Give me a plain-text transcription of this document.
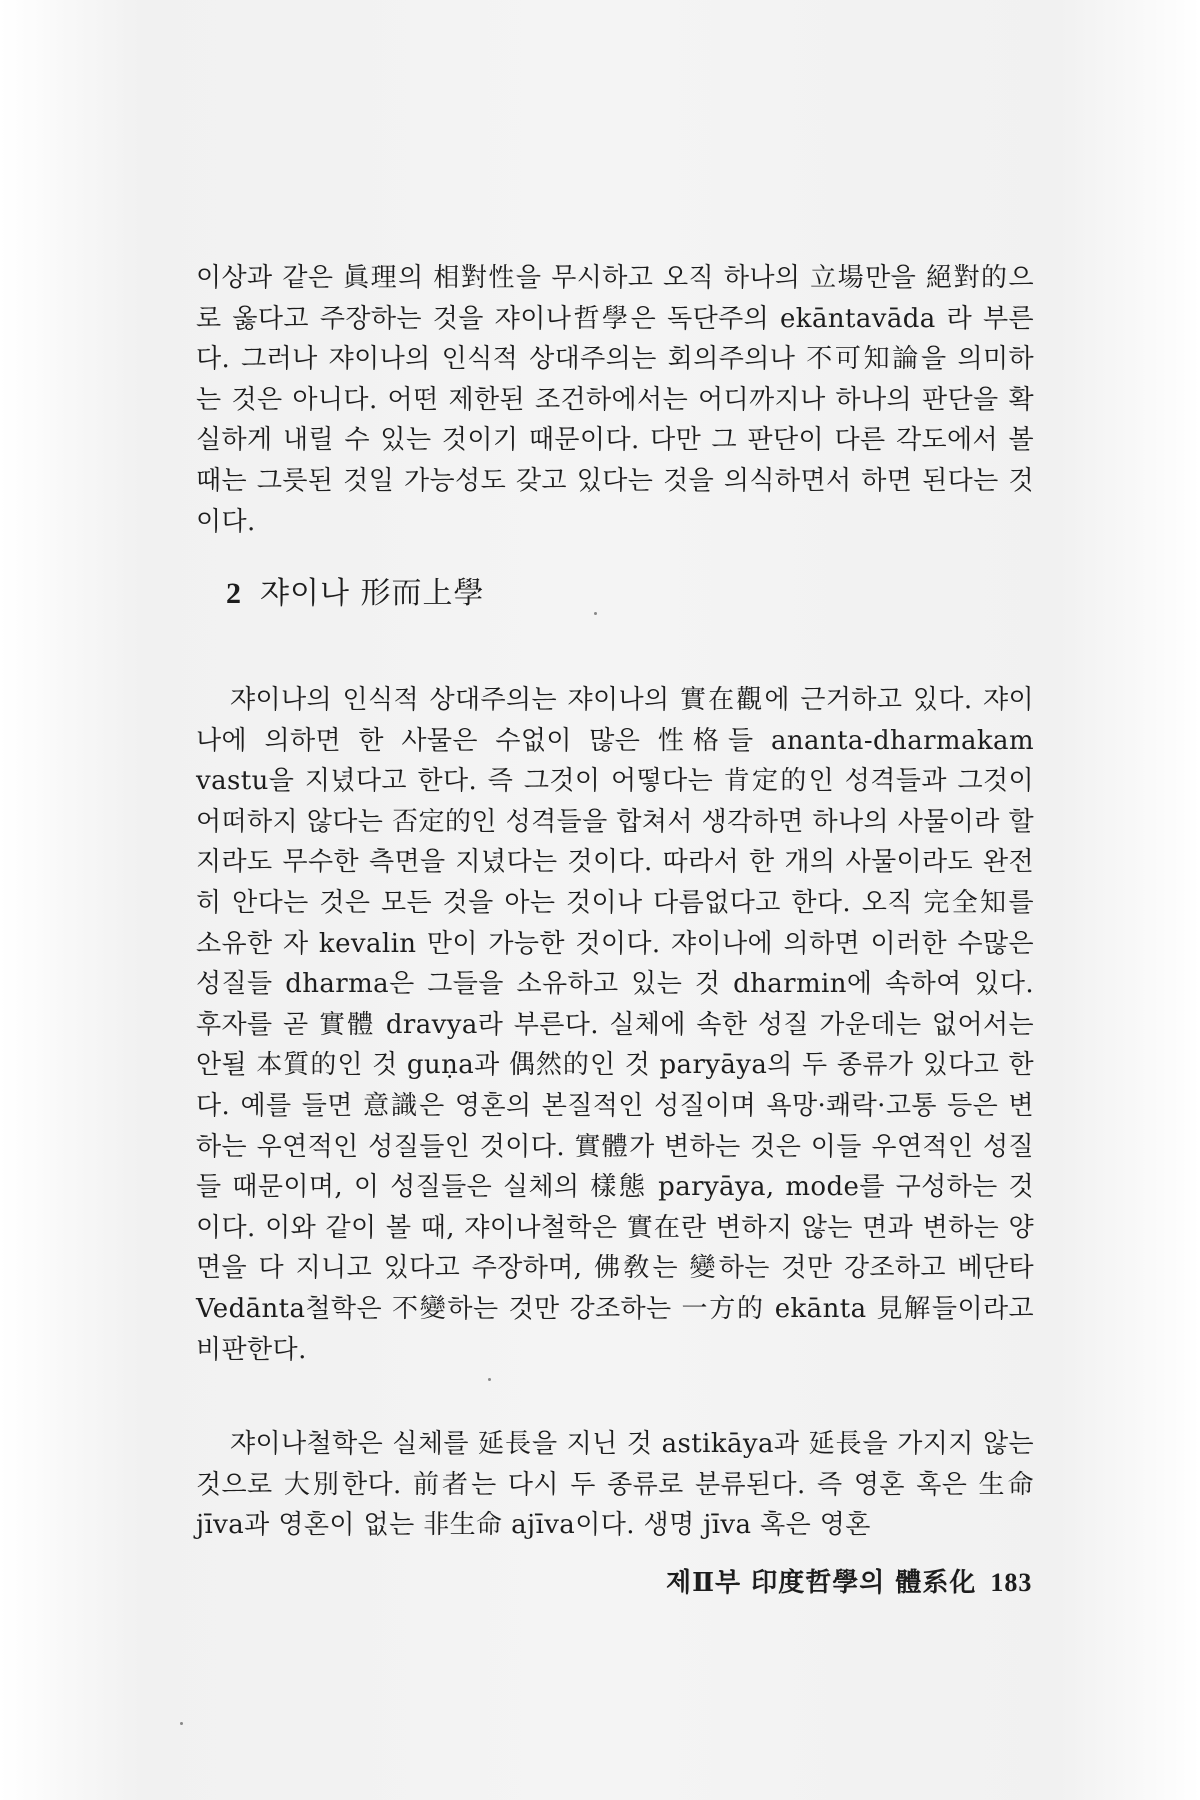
이상과 같은 眞理의 相對性을 무시하고 오직 하나의 立場만을 絕對的으로 옳다고 주장하는 것을 쟈이나哲學은 독단주의 ekāntavāda 라 부른다. 그러나 쟈이나의 인식적 상대주의는 회의주의나 不可知論을 의미하는 것은 아니다. 어떤 제한된 조건하에서는 어디까지나 하나의 판단을 확실하게 내릴 수 있는 것이기 때문이다. 다만 그 판단이 다른 각도에서 볼 때는 그릇된 것일 가능성도 갖고 있다는 것을 의식하면서 하면 된다는 것이다.

2 쟈이나 形而上學

쟈이나의 인식적 상대주의는 쟈이나의 實在觀에 근거하고 있다. 쟈이나에 의하면 한 사물은 수없이 많은 性格들 ananta-dharmakam vastu을 지녔다고 한다. 즉 그것이 어떻다는 肯定的인 성격들과 그것이 어떠하지 않다는 否定的인 성격들을 합쳐서 생각하면 하나의 사물이라 할지라도 무수한 측면을 지녔다는 것이다. 따라서 한 개의 사물이라도 완전히 안다는 것은 모든 것을 아는 것이나 다름없다고 한다. 오직 完全知를 소유한 자 kevalin 만이 가능한 것이다. 쟈이나에 의하면 이러한 수많은 성질들 dharma은 그들을 소유하고 있는 것 dharmin에 속하여 있다. 후자를 곧 實體 dravya라 부른다. 실체에 속한 성질 가운데는 없어서는 안될 本質的인 것 guṇa과 偶然的인 것 paryāya의 두 종류가 있다고 한다. 예를 들면 意識은 영혼의 본질적인 성질이며 욕망·쾌락·고통 등은 변하는 우연적인 성질들인 것이다. 實體가 변하는 것은 이들 우연적인 성질들 때문이며, 이 성질들은 실체의 樣態 paryāya, mode를 구성하는 것이다. 이와 같이 볼 때, 쟈이나철학은 實在란 변하지 않는 면과 변하는 양면을 다 지니고 있다고 주장하며, 佛敎는 變하는 것만 강조하고 베단타 Vedānta철학은 不變하는 것만 강조하는 一方的 ekānta 見解들이라고 비판한다.

쟈이나철학은 실체를 延長을 지닌 것 astikāya과 延長을 가지지 않는 것으로 大別한다. 前者는 다시 두 종류로 분류된다. 즉 영혼 혹은 生命 jīva과 영혼이 없는 非生命 ajīva이다. 생명 jīva 혹은 영혼

제Ⅱ부 印度哲學의 體系化 183
